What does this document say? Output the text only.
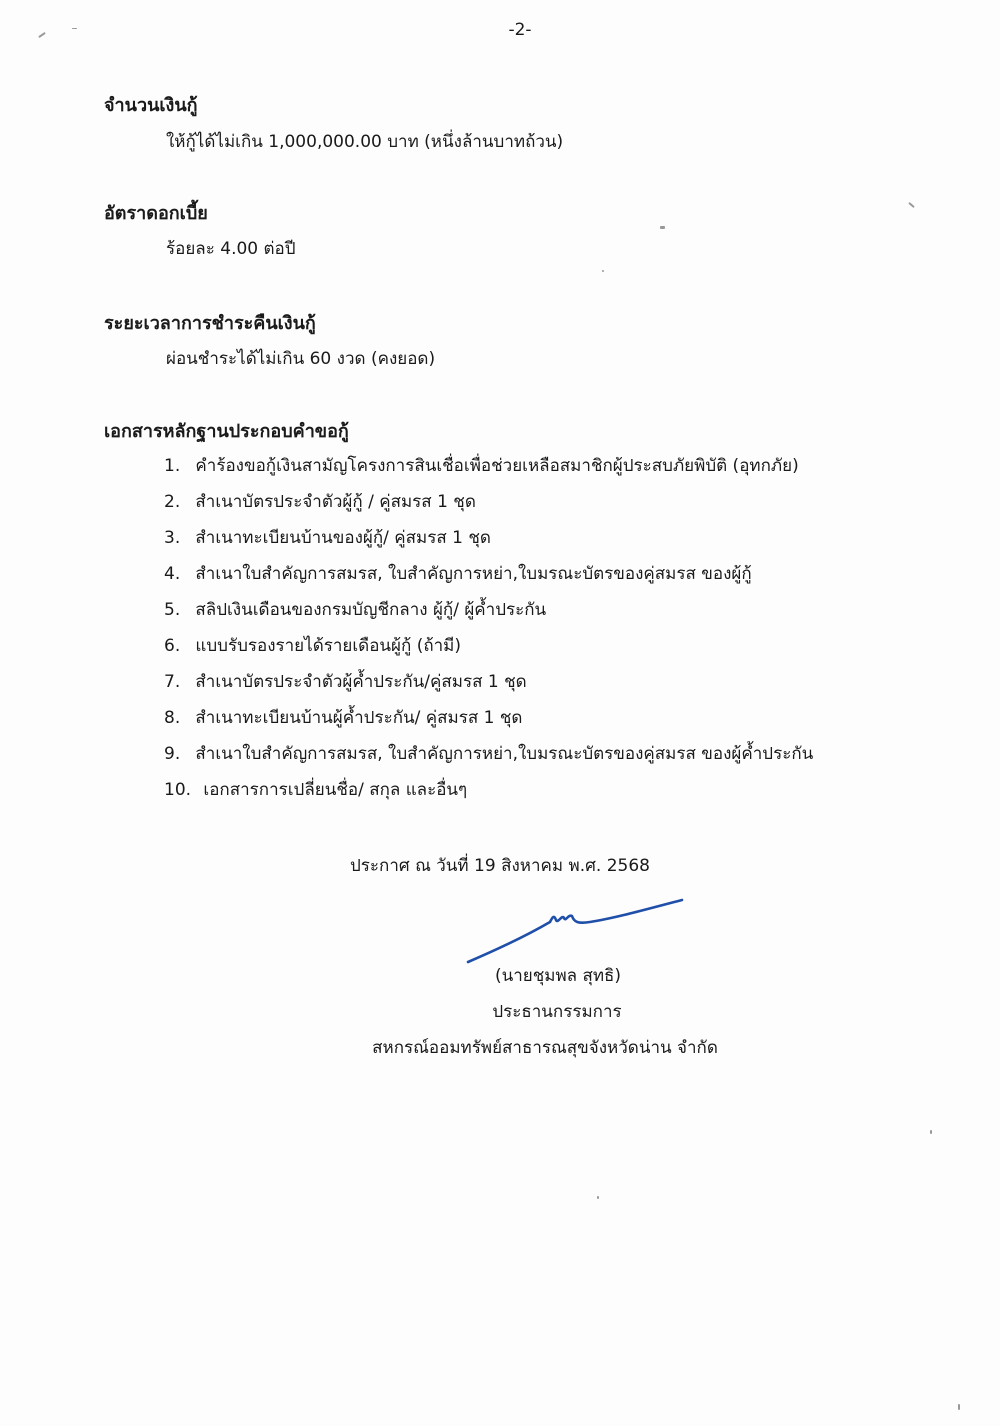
-2-
จำนวนเงินกู้
ให้กู้ได้ไม่เกิน 1,000,000.00 บาท (หนึ่งล้านบาทถ้วน)
อัตราดอกเบี้ย
ร้อยละ 4.00 ต่อปี
ระยะเวลาการชำระคืนเงินกู้
ผ่อนชำระได้ไม่เกิน 60 งวด (คงยอด)
เอกสารหลักฐานประกอบคำขอกู้
1. คำร้องขอกู้เงินสามัญโครงการสินเชื่อเพื่อช่วยเหลือสมาชิกผู้ประสบภัยพิบัติ (อุทกภัย)
2. สำเนาบัตรประจำตัวผู้กู้ / คู่สมรส 1 ชุด
3. สำเนาทะเบียนบ้านของผู้กู้/ คู่สมรส 1 ชุด
4. สำเนาใบสำคัญการสมรส, ใบสำคัญการหย่า,ใบมรณะบัตรของคู่สมรส ของผู้กู้
5. สลิปเงินเดือนของกรมบัญชีกลาง ผู้กู้/ ผู้ค้ำประกัน
6. แบบรับรองรายได้รายเดือนผู้กู้ (ถ้ามี)
7. สำเนาบัตรประจำตัวผู้ค้ำประกัน/คู่สมรส 1 ชุด
8. สำเนาทะเบียนบ้านผู้ค้ำประกัน/ คู่สมรส 1 ชุด
9. สำเนาใบสำคัญการสมรส, ใบสำคัญการหย่า,ใบมรณะบัตรของคู่สมรส ของผู้ค้ำประกัน
10. เอกสารการเปลี่ยนชื่อ/ สกุล และอื่นๆ
ประกาศ ณ วันที่ 19 สิงหาคม พ.ศ. 2568
(นายชุมพล สุทธิ)
ประธานกรรมการ
สหกรณ์ออมทรัพย์สาธารณสุขจังหวัดน่าน จำกัด
